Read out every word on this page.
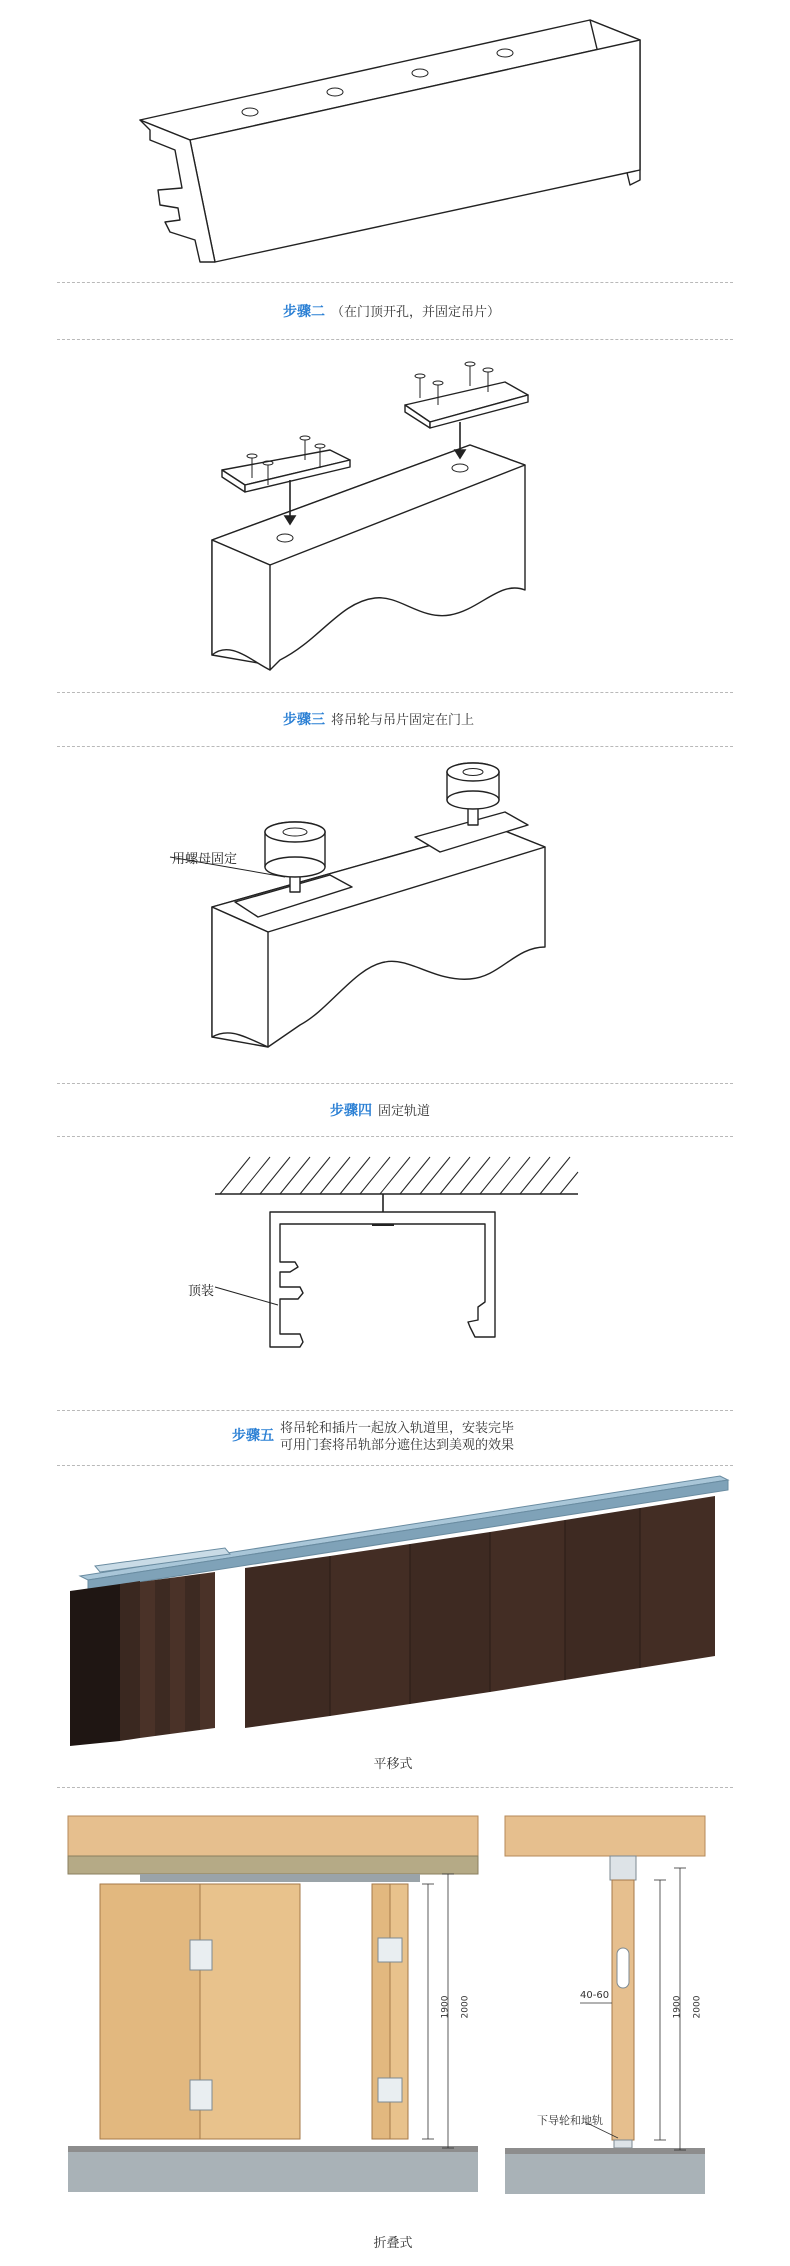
步骤二 （在门顶开孔，并固定吊片）
步骤三 将吊轮与吊片固定在门上
用螺母固定
步骤四 固定轨道
顶装
步骤五 将吊轮和插片一起放入轨道里，安装完毕
可用门套将吊轨部分遮住达到美观的效果
平移式
1900 2000	1900 2000
40-60
下导轮和地轨
折叠式
